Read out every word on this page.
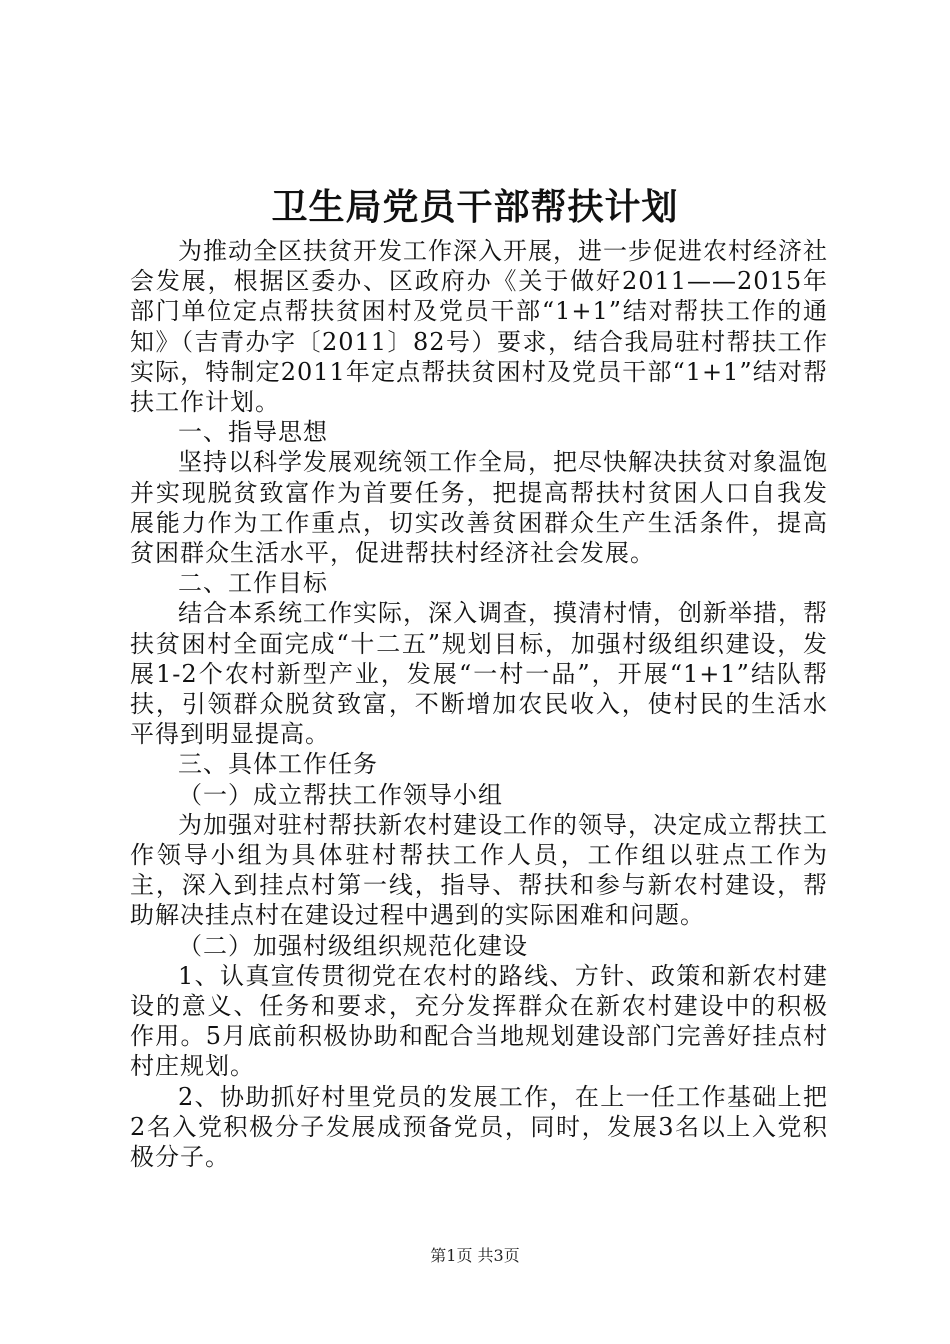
卫生局党员干部帮扶计划

为推动全区扶贫开发工作深入开展，进一步促进农村经济社会发展，根据区委办、区政府办《关于做好2011——2015年部门单位定点帮扶贫困村及党员干部“1+1”结对帮扶工作的通知》（吉青办字〔2011〕82号）要求，结合我局驻村帮扶工作实际，特制定2011年定点帮扶贫困村及党员干部“1+1”结对帮扶工作计划。

一、指导思想

坚持以科学发展观统领工作全局，把尽快解决扶贫对象温饱并实现脱贫致富作为首要任务，把提高帮扶村贫困人口自我发展能力作为工作重点，切实改善贫困群众生产生活条件，提高贫困群众生活水平，促进帮扶村经济社会发展。

二、工作目标

结合本系统工作实际，深入调查，摸清村情，创新举措，帮扶贫困村全面完成“十二五”规划目标，加强村级组织建设，发展1-2个农村新型产业，发展“一村一品”，开展“1+1”结队帮扶，引领群众脱贫致富，不断增加农民收入，使村民的生活水平得到明显提高。

三、具体工作任务

（一）成立帮扶工作领导小组

为加强对驻村帮扶新农村建设工作的领导，决定成立帮扶工作领导小组为具体驻村帮扶工作人员，工作组以驻点工作为主，深入到挂点村第一线，指导、帮扶和参与新农村建设，帮助解决挂点村在建设过程中遇到的实际困难和问题。

（二）加强村级组织规范化建设

1、认真宣传贯彻党在农村的路线、方针、政策和新农村建设的意义、任务和要求，充分发挥群众在新农村建设中的积极作用。5月底前积极协助和配合当地规划建设部门完善好挂点村村庄规划。

2、协助抓好村里党员的发展工作，在上一任工作基础上把2名入党积极分子发展成预备党员，同时，发展3名以上入党积极分子。

第1页 共3页
